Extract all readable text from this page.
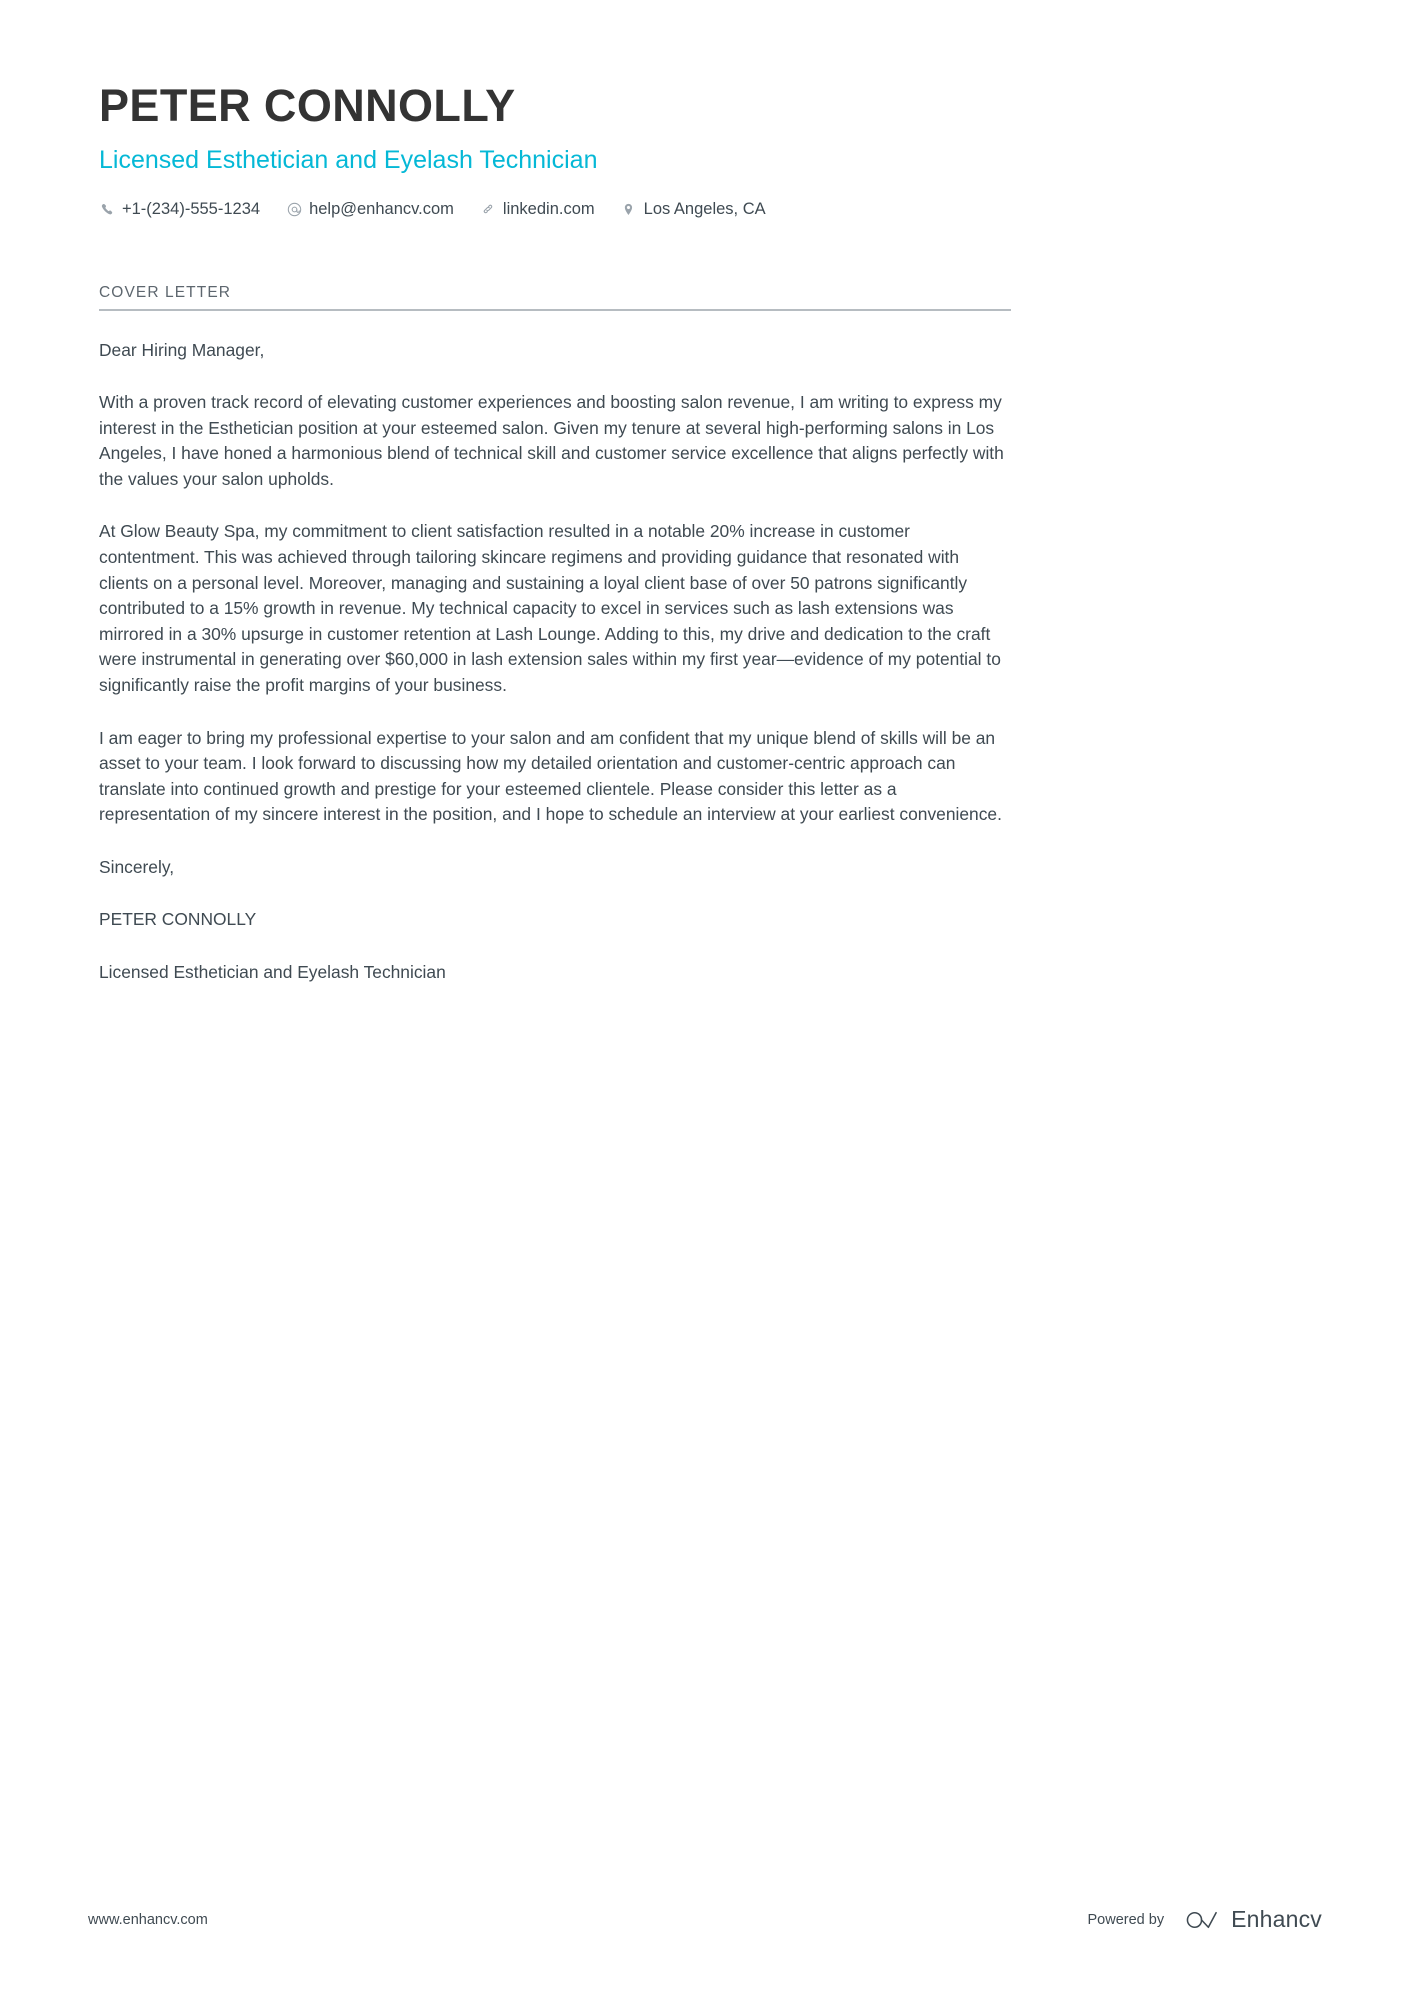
PETER CONNOLLY
Licensed Esthetician and Eyelash Technician
+1-(234)-555-1234	help@enhancv.com	linkedin.com	Los Angeles, CA
COVER LETTER

Dear Hiring Manager,

With a proven track record of elevating customer experiences and boosting salon revenue, I am writing to express my interest in the Esthetician position at your esteemed salon. Given my tenure at several high-performing salons in Los Angeles, I have honed a harmonious blend of technical skill and customer service excellence that aligns perfectly with the values your salon upholds.

At Glow Beauty Spa, my commitment to client satisfaction resulted in a notable 20% increase in customer contentment. This was achieved through tailoring skincare regimens and providing guidance that resonated with clients on a personal level. Moreover, managing and sustaining a loyal client base of over 50 patrons significantly contributed to a 15% growth in revenue. My technical capacity to excel in services such as lash extensions was mirrored in a 30% upsurge in customer retention at Lash Lounge. Adding to this, my drive and dedication to the craft were instrumental in generating over $60,000 in lash extension sales within my first year—evidence of my potential to significantly raise the profit margins of your business.

I am eager to bring my professional expertise to your salon and am confident that my unique blend of skills will be an asset to your team. I look forward to discussing how my detailed orientation and customer-centric approach can translate into continued growth and prestige for your esteemed clientele. Please consider this letter as a representation of my sincere interest in the position, and I hope to schedule an interview at your earliest convenience.

Sincerely,

PETER CONNOLLY

Licensed Esthetician and Eyelash Technician

www.enhancv.com	Powered by	Enhancv
